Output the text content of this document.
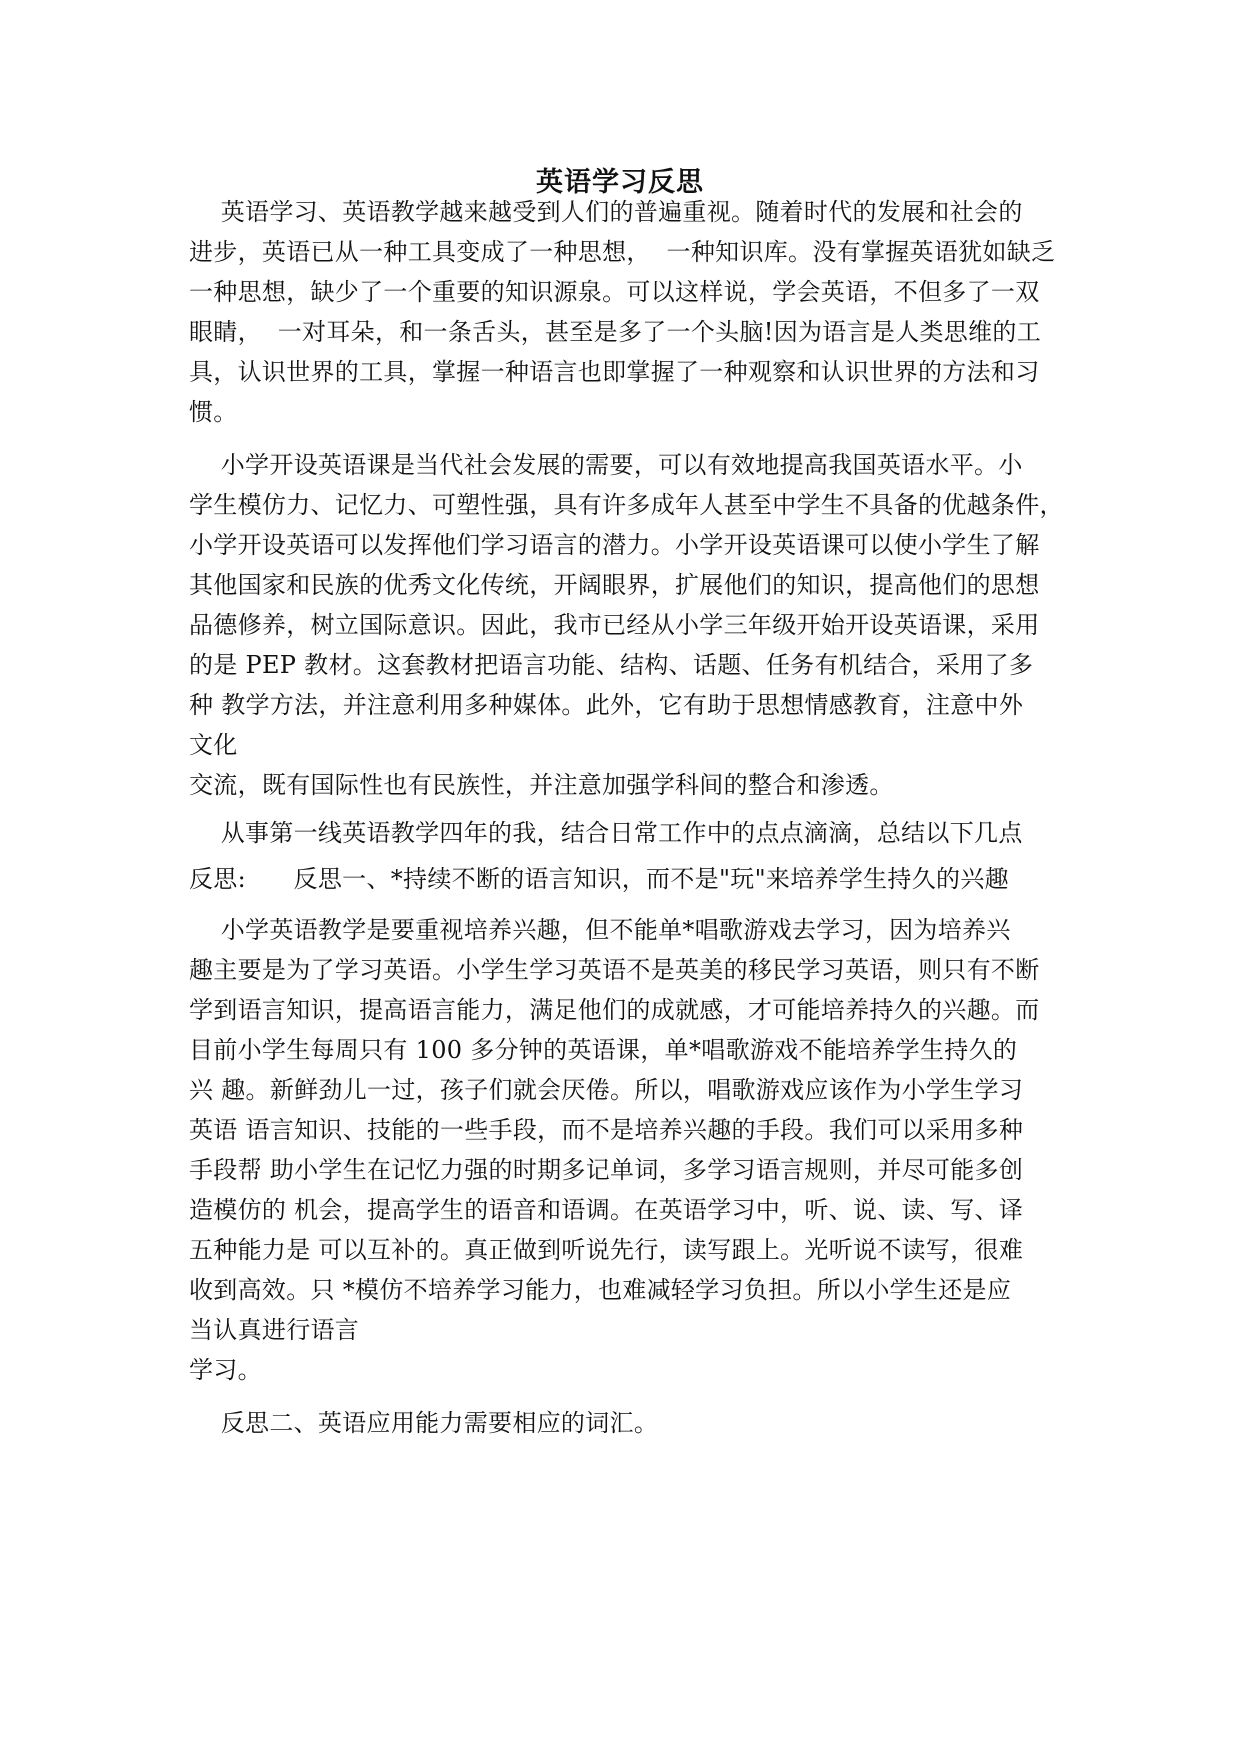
英语学习反思
英语学习、英语教学越来越受到人们的普遍重视。随着时代的发展和社会的
进步，英语已从一种工具变成了一种思想，  一种知识库。没有掌握英语犹如缺乏
一种思想，缺少了一个重要的知识源泉。可以这样说，学会英语，不但多了一双
眼睛，  一对耳朵，和一条舌头，甚至是多了一个头脑!因为语言是人类思维的工
具，认识世界的工具，掌握一种语言也即掌握了一种观察和认识世界的方法和习
惯。
小学开设英语课是当代社会发展的需要，可以有效地提高我国英语水平。小
学生模仿力、记忆力、可塑性强，具有许多成年人甚至中学生不具备的优越条件，
小学开设英语可以发挥他们学习语言的潜力。小学开设英语课可以使小学生了解
其他国家和民族的优秀文化传统，开阔眼界，扩展他们的知识，提高他们的思想
品德修养，树立国际意识。因此，我市已经从小学三年级开始开设英语课，采用
的是 PEP 教材。这套教材把语言功能、结构、话题、任务有机结合，采用了多
种 教学方法，并注意利用多种媒体。此外，它有助于思想情感教育，注意中外
文化
交流，既有国际性也有民族性，并注意加强学科间的整合和渗透。
从事第一线英语教学四年的我，结合日常工作中的点点滴滴，总结以下几点
反思:      反思一、*持续不断的语言知识，而不是"玩"来培养学生持久的兴趣
小学英语教学是要重视培养兴趣，但不能单*唱歌游戏去学习，因为培养兴
趣主要是为了学习英语。小学生学习英语不是英美的移民学习英语，则只有不断
学到语言知识，提高语言能力，满足他们的成就感，才可能培养持久的兴趣。而
目前小学生每周只有 100 多分钟的英语课，单*唱歌游戏不能培养学生持久的
兴 趣。新鲜劲儿一过，孩子们就会厌倦。所以，唱歌游戏应该作为小学生学习
英语 语言知识、技能的一些手段，而不是培养兴趣的手段。我们可以采用多种
手段帮 助小学生在记忆力强的时期多记单词，多学习语言规则，并尽可能多创
造模仿的 机会，提高学生的语音和语调。在英语学习中，听、说、读、写、译
五种能力是 可以互补的。真正做到听说先行，读写跟上。光听说不读写，很难
收到高效。只 *模仿不培养学习能力，也难减轻学习负担。所以小学生还是应
当认真进行语言
学习。
反思二、英语应用能力需要相应的词汇。
